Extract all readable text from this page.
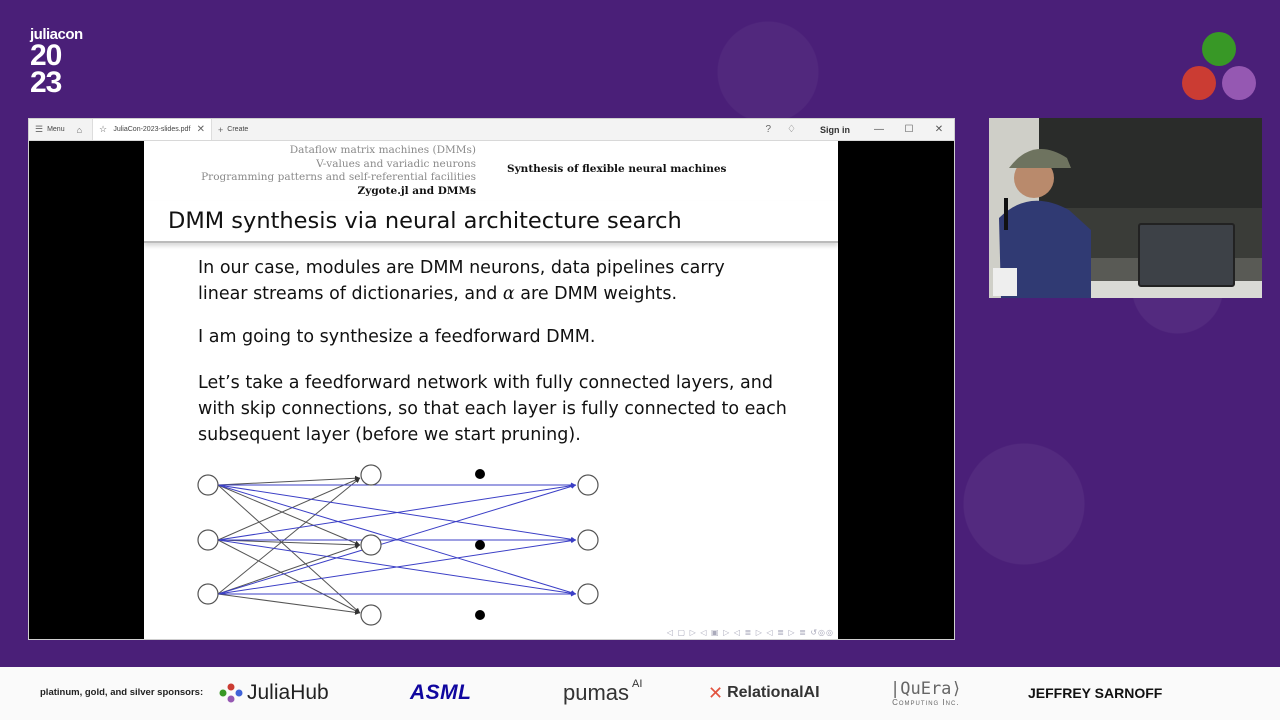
juliacon
20
23
☰ Menu ⌂ ☆ JuliaCon-2023-slides.pdf ✕ + Create	? ♢	Sign in	—	☐	✕
Dataflow matrix machines (DMMs)
V-values and variadic neurons
Programming patterns and self-referential facilities
Zygote.jl and DMMs
Synthesis of flexible neural machines
DMM synthesis via neural architecture search
In our case, modules are DMM neurons, data pipelines carry
linear streams of dictionaries, and α are DMM weights.
I am going to synthesize a feedforward DMM.
Let’s take a feedforward network with fully connected layers, and
with skip connections, so that each layer is fully connected to each
subsequent layer (before we start pruning).
◁ ▢ ▷ ◁ ▣ ▷ ◁ ≣ ▷ ◁ ≣ ▷ ≣ ↺◎◎
platinum, gold, and silver sponsors: JuliaHub	ASML	pumas AI	✕ RelationalAI	|QuEra⟩
Computing Inc.
JEFFREY SARNOFF
